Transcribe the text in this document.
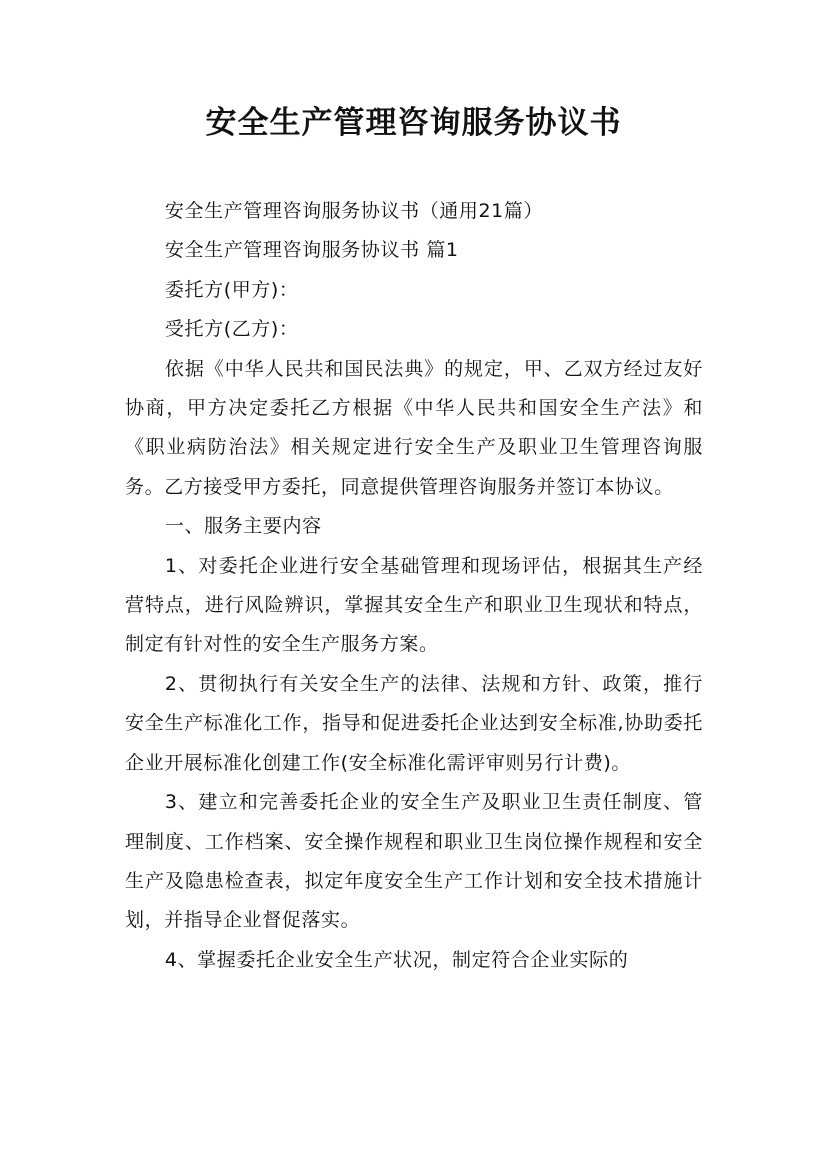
安全生产管理咨询服务协议书

安全生产管理咨询服务协议书（通用21篇）

安全生产管理咨询服务协议书 篇1

委托方(甲方)：

受托方(乙方)：

依据《中华人民共和国民法典》的规定，甲、乙双方经过友好协商，甲方决定委托乙方根据《中华人民共和国安全生产法》和《职业病防治法》相关规定进行安全生产及职业卫生管理咨询服务。乙方接受甲方委托，同意提供管理咨询服务并签订本协议。

一、服务主要内容

1、对委托企业进行安全基础管理和现场评估，根据其生产经营特点，进行风险辨识，掌握其安全生产和职业卫生现状和特点，制定有针对性的安全生产服务方案。

2、贯彻执行有关安全生产的法律、法规和方针、政策，推行安全生产标准化工作，指导和促进委托企业达到安全标准,协助委托企业开展标准化创建工作(安全标准化需评审则另行计费)。

3、建立和完善委托企业的安全生产及职业卫生责任制度、管理制度、工作档案、安全操作规程和职业卫生岗位操作规程和安全生产及隐患检查表，拟定年度安全生产工作计划和安全技术措施计划，并指导企业督促落实。

4、掌握委托企业安全生产状况，制定符合企业实际的
